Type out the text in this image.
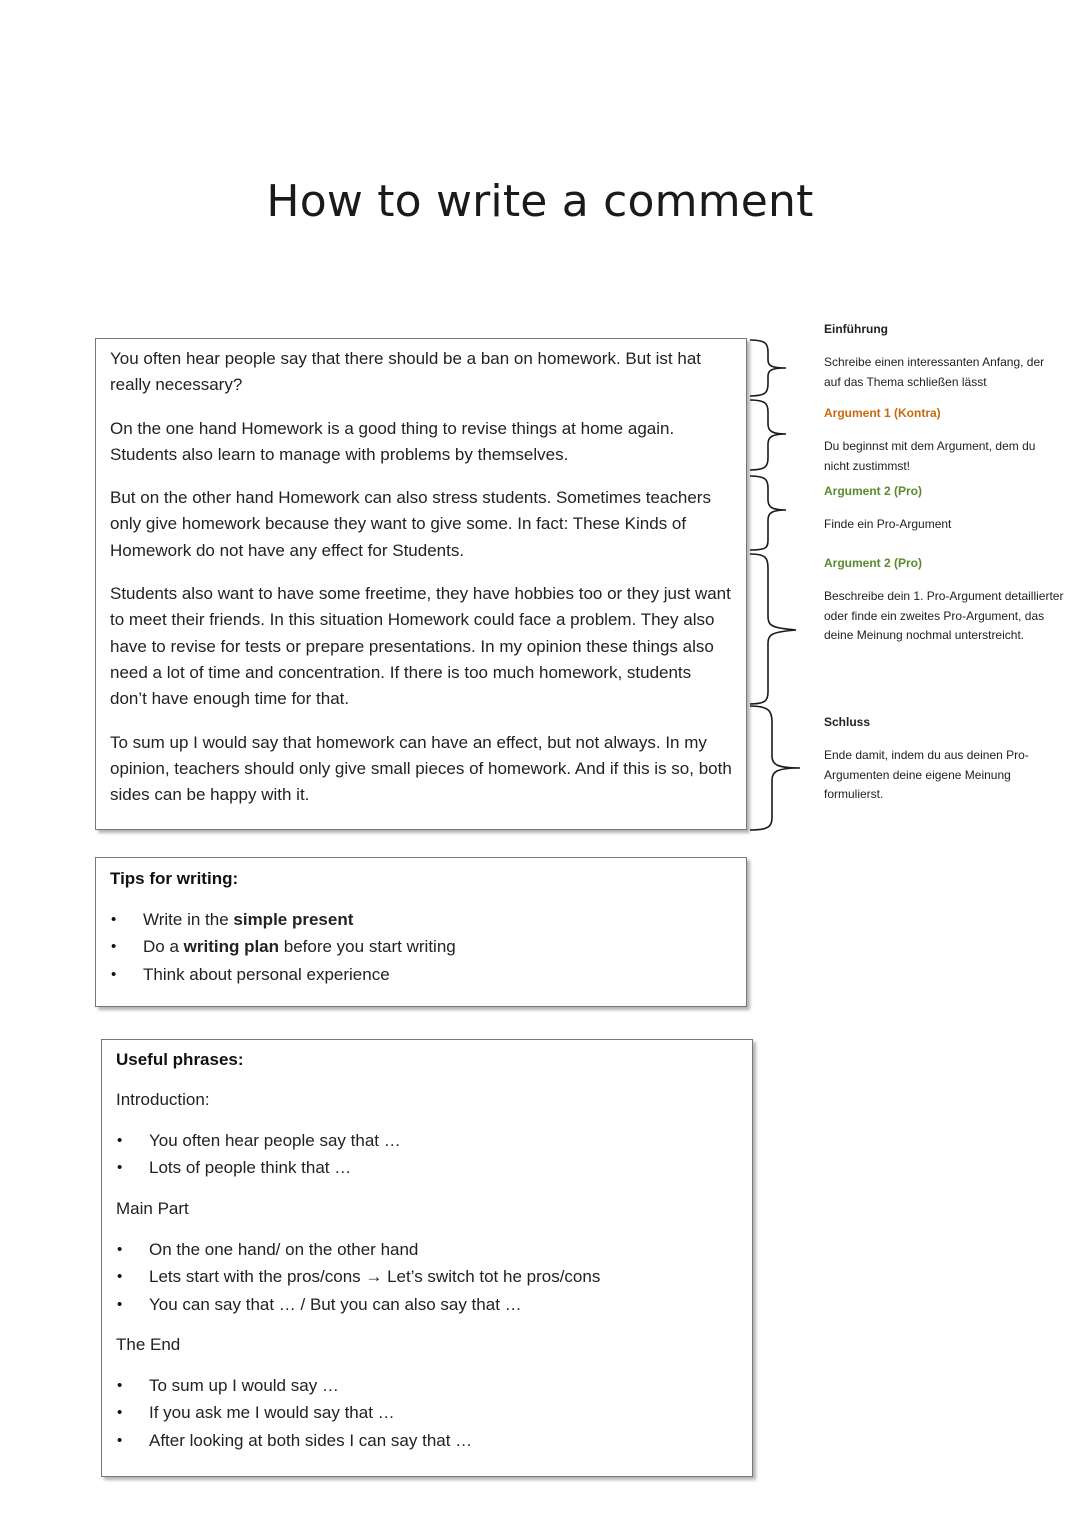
How to write a comment

You often hear people say that there should be a ban on homework. But ist hat really necessary?

On the one hand Homework is a good thing to revise things at home again. Students also learn to manage with problems by themselves.

But on the other hand Homework can also stress students. Sometimes teachers only give homework because they want to give some. In fact: These Kinds of Homework do not have any effect for Students.

Students also want to have some freetime, they have hobbies too or they just want to meet their friends. In this situation Homework could face a problem. They also have to revise for tests or prepare presentations. In my opinion these things also need a lot of time and concentration. If there is too much homework, students don’t have enough time for that.

To sum up I would say that homework can have an effect, but not always. In my opinion, teachers should only give small pieces of homework. And if this is so, both sides can be happy with it.

Einführung
Schreibe einen interessanten Anfang, der auf das Thema schließen lässt
Argument 1 (Kontra)
Du beginnst mit dem Argument, dem du nicht zustimmst!
Argument 2 (Pro)
Finde ein Pro-Argument
Argument 2 (Pro)
Beschreibe dein 1. Pro-Argument detaillierter oder finde ein zweites Pro-Argument, das deine Meinung nochmal unterstreicht.
Schluss
Ende damit, indem du aus deinen Pro-Argumenten deine eigene Meinung formulierst.
Tips for writing:
• Write in the simple present
• Do a writing plan before you start writing
• Think about personal experience
Useful phrases:
Introduction:
• You often hear people say that …
• Lots of people think that …
Main Part
• On the one hand/ on the other hand
• Lets start with the pros/cons → Let’s switch tot he pros/cons
• You can say that … / But you can also say that …
The End
• To sum up I would say …
• If you ask me I would say that …
• After looking at both sides I can say that …
